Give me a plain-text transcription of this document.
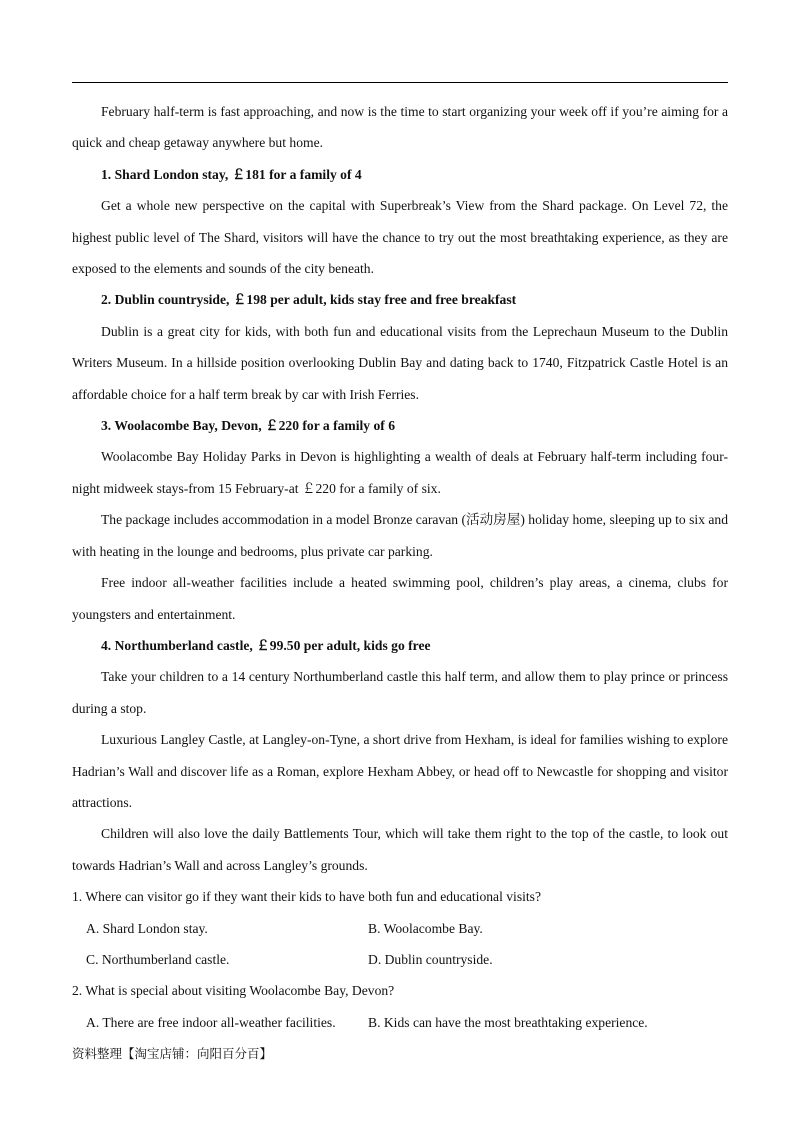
February half-term is fast approaching, and now is the time to start organizing your week off if you’re aiming for a quick and cheap getaway anywhere but home.

1. Shard London stay, ￡181 for a family of 4

Get a whole new perspective on the capital with Superbreak’s View from the Shard package. On Level 72, the highest public level of The Shard, visitors will have the chance to try out the most breathtaking experience, as they are exposed to the elements and sounds of the city beneath.

2. Dublin countryside, ￡198 per adult, kids stay free and free breakfast

Dublin is a great city for kids, with both fun and educational visits from the Leprechaun Museum to the Dublin Writers Museum. In a hillside position overlooking Dublin Bay and dating back to 1740, Fitzpatrick Castle Hotel is an affordable choice for a half term break by car with Irish Ferries.

3. Woolacombe Bay, Devon, ￡220 for a family of 6

Woolacombe Bay Holiday Parks in Devon is highlighting a wealth of deals at February half-term including four-night midweek stays-from 15 February-at ￡220 for a family of six.

The package includes accommodation in a model Bronze caravan (活动房屋) holiday home, sleeping up to six and with heating in the lounge and bedrooms, plus private car parking.

Free indoor all-weather facilities include a heated swimming pool, children’s play areas, a cinema, clubs for youngsters and entertainment.

4. Northumberland castle, ￡99.50 per adult, kids go free

Take your children to a 14 century Northumberland castle this half term, and allow them to play prince or princess during a stop.

Luxurious Langley Castle, at Langley-on-Tyne, a short drive from Hexham, is ideal for families wishing to explore Hadrian’s Wall and discover life as a Roman, explore Hexham Abbey, or head off to Newcastle for shopping and visitor attractions.

Children will also love the daily Battlements Tour, which will take them right to the top of the castle, to look out towards Hadrian’s Wall and across Langley’s grounds.

1. Where can visitor go if they want their kids to have both fun and educational visits?

A. Shard London stay.	B. Woolacombe Bay.

C. Northumberland castle.	D. Dublin countryside.

2. What is special about visiting Woolacombe Bay, Devon?

A. There are free indoor all-weather facilities.	B. Kids can have the most breathtaking experience.

资料整理【淘宝店铺：向阳百分百】
